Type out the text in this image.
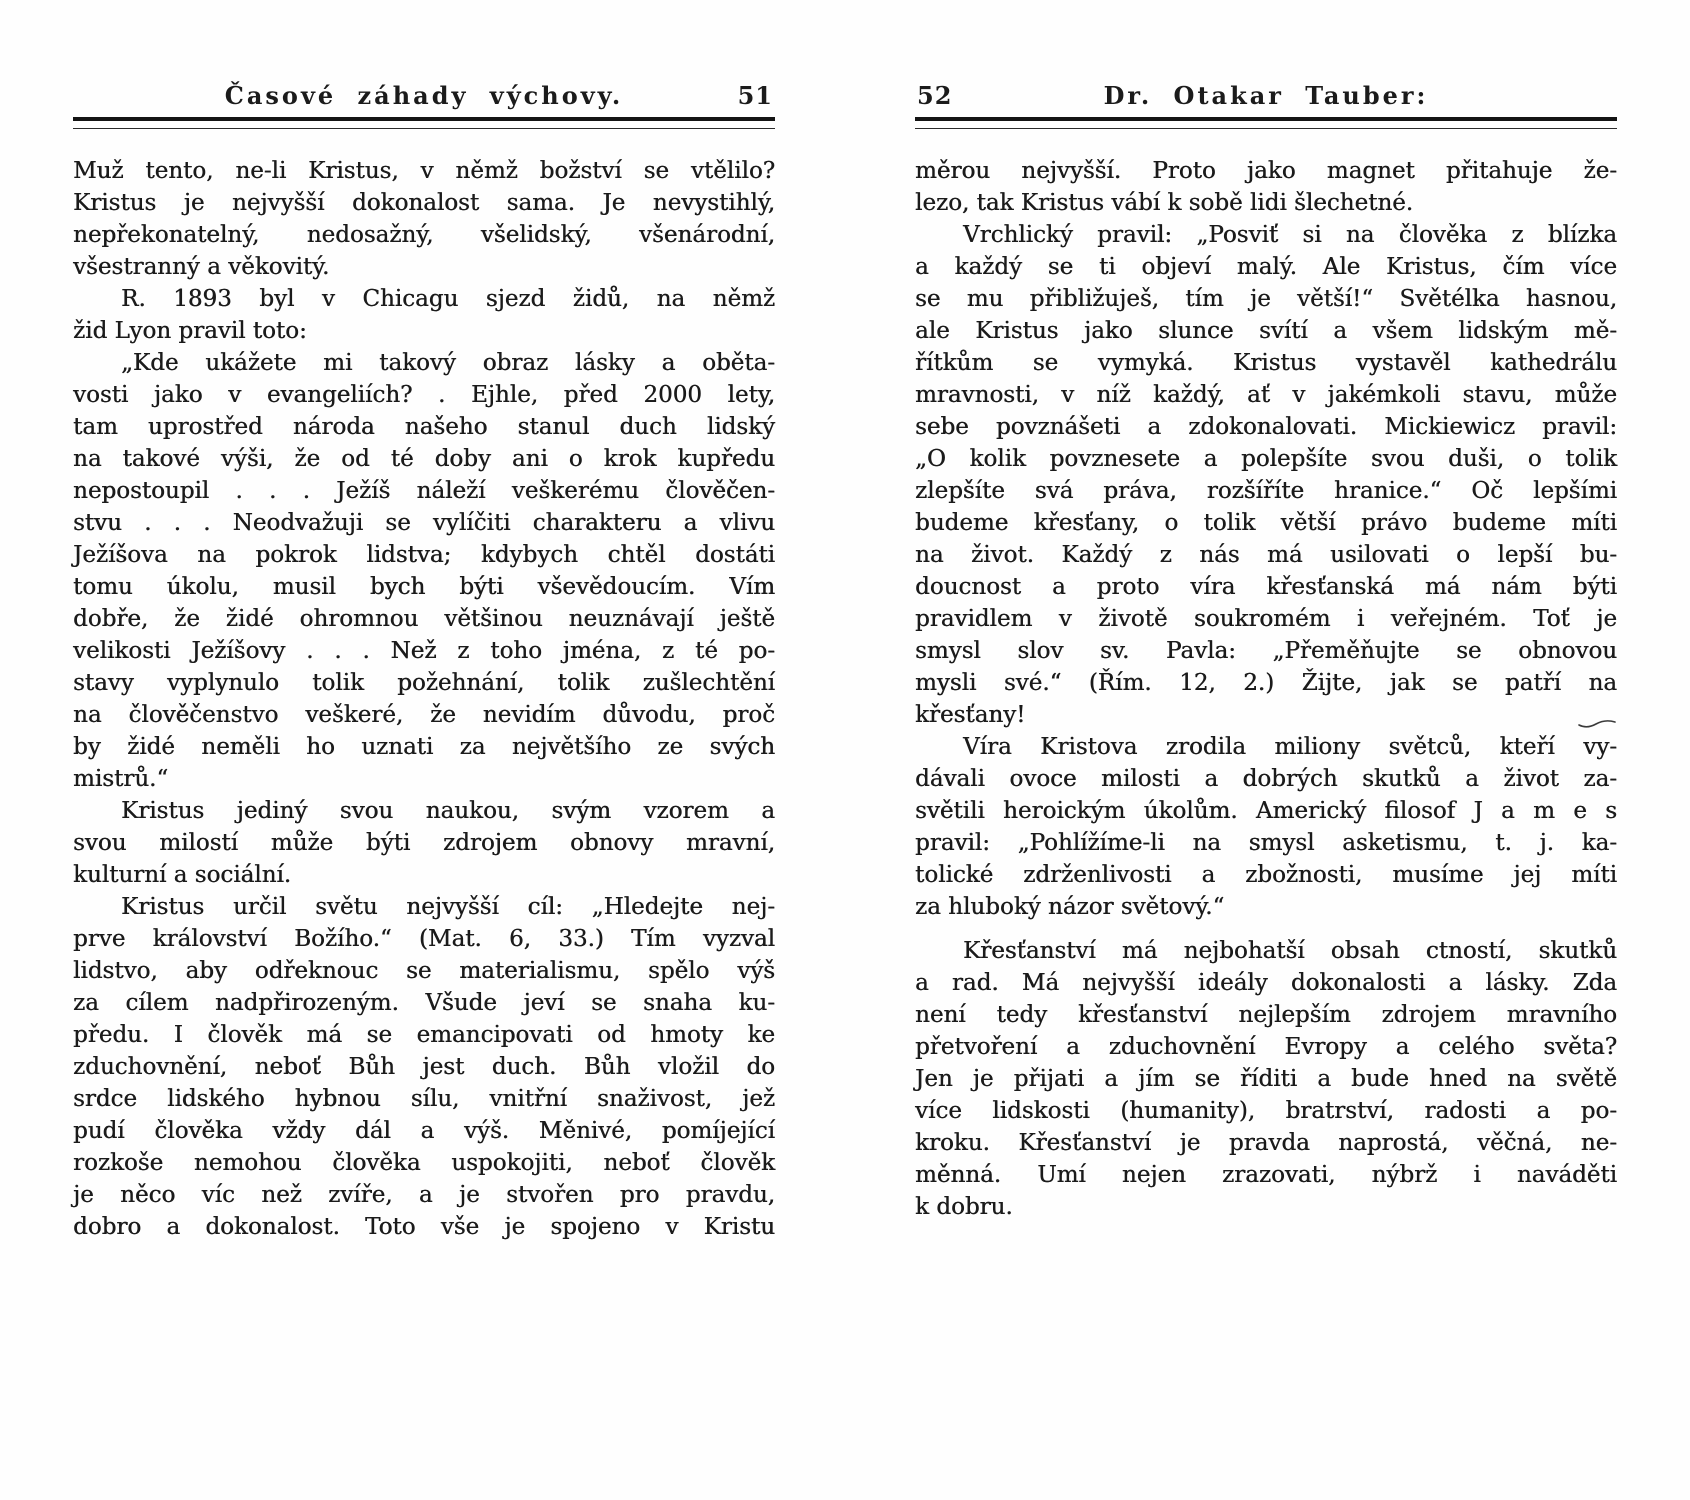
Časové záhady výchovy.	51
Muž tento, ne-li Kristus, v němž božství se vtělilo?
Kristus je nejvyšší dokonalost sama. Je nevystihlý,
nepřekonatelný, nedosažný, všelidský, všenárodní,
všestranný a věkovitý.
R. 1893 byl v Chicagu sjezd židů, na němž
žid Lyon pravil toto:
„Kde ukážete mi takový obraz lásky a oběta-
vosti jako v evangeliích? . Ejhle, před 2000 lety,
tam uprostřed národa našeho stanul duch lidský
na takové výši, že od té doby ani o krok kupředu
nepostoupil . . . Ježíš náleží veškerému člověčen-
stvu . . . Neodvažuji se vylíčiti charakteru a vlivu
Ježíšova na pokrok lidstva; kdybych chtěl dostáti
tomu úkolu, musil bych býti vševědoucím. Vím
dobře, že židé ohromnou většinou neuznávají ještě
velikosti Ježíšovy . . . Než z toho jména, z té po-
stavy vyplynulo tolik požehnání, tolik zušlechtění
na člověčenstvo veškeré, že nevidím důvodu, proč
by židé neměli ho uznati za největšího ze svých
mistrů.“
Kristus jediný svou naukou, svým vzorem a
svou milostí může býti zdrojem obnovy mravní,
kulturní a sociální.
Kristus určil světu nejvyšší cíl: „Hledejte nej-
prve království Božího.“ (Mat. 6, 33.) Tím vyzval
lidstvo, aby odřeknouc se materialismu, spělo výš
za cílem nadpřirozeným. Všude jeví se snaha ku-
předu. I člověk má se emancipovati od hmoty ke
zduchovnění, neboť Bůh jest duch. Bůh vložil do
srdce lidského hybnou sílu, vnitřní snaživost, jež
pudí člověka vždy dál a výš. Měnivé, pomíjející
rozkoše nemohou člověka uspokojiti, neboť člověk
je něco víc než zvíře, a je stvořen pro pravdu,
dobro a dokonalost. Toto vše je spojeno v Kristu
52	Dr. Otakar Tauber:
měrou nejvyšší. Proto jako magnet přitahuje že-
lezo, tak Kristus vábí k sobě lidi šlechetné.
Vrchlický pravil: „Posviť si na člověka z blízka
a každý se ti objeví malý. Ale Kristus, čím více
se mu přibližuješ, tím je větší!“ Světélka hasnou,
ale Kristus jako slunce svítí a všem lidským mě-
řítkům se vymyká. Kristus vystavěl kathedrálu
mravnosti, v níž každý, ať v jakémkoli stavu, může
sebe povznášeti a zdokonalovati. Mickiewicz pravil:
„O kolik povznesete a polepšíte svou duši, o tolik
zlepšíte svá práva, rozšíříte hranice.“ Oč lepšími
budeme křesťany, o tolik větší právo budeme míti
na život. Každý z nás má usilovati o lepší bu-
doucnost a proto víra křesťanská má nám býti
pravidlem v životě soukromém i veřejném. Toť je
smysl slov sv. Pavla: „Přeměňujte se obnovou
mysli své.“ (Řím. 12, 2.) Žijte, jak se patří na
křesťany!
Víra Kristova zrodila miliony světců, kteří vy-
dávali ovoce milosti a dobrých skutků a život za-
světili heroickým úkolům. Americký filosof J a m e s
pravil: „Pohlížíme-li na smysl asketismu, t. j. ka-
tolické zdrženlivosti a zbožnosti, musíme jej míti
za hluboký názor světový.“
Křesťanství má nejbohatší obsah ctností, skutků
a rad. Má nejvyšší ideály dokonalosti a lásky. Zda
není tedy křesťanství nejlepším zdrojem mravního
přetvoření a zduchovnění Evropy a celého světa?
Jen je přijati a jím se říditi a bude hned na světě
více lidskosti (humanity), bratrství, radosti a po-
kroku. Křesťanství je pravda naprostá, věčná, ne-
měnná. Umí nejen zrazovati, nýbrž i naváděti
k dobru.
